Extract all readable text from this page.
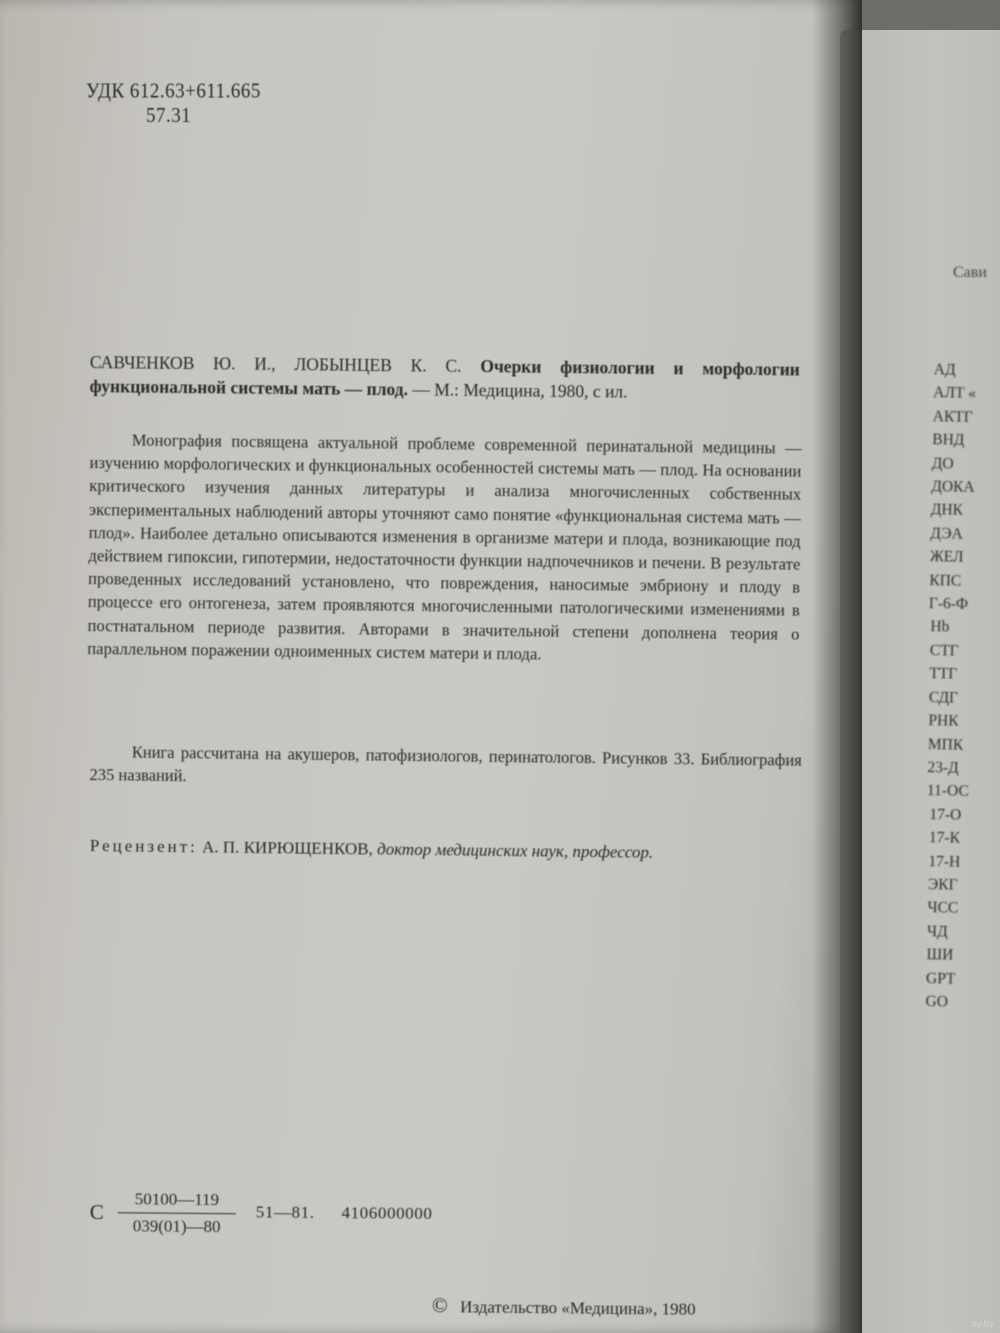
УДК 612.63+611.665
57.31
САВЧЕНКОВ Ю. И., ЛОБЫНЦЕВ К. С. Очерки физиологии и морфологии функциональной системы мать — плод. — М.: Медицина, 1980, с ил.
Монография посвящена актуальной проблеме современной перинатальной медицины — изучению морфологических и функциональных особенностей системы мать — плод. На основании критического изучения данных литературы и анализа многочисленных собственных экспериментальных наблюдений авторы уточняют само понятие «функциональная система мать — плод». Наиболее детально описываются изменения в организме матери и плода, возникающие под действием гипоксии, гипотермии, недостаточности функции надпочечников и печени. В результате проведенных исследований установлено, что повреждения, наносимые эмбриону и плоду в процессе его онтогенеза, затем проявляются многочисленными патологическими изменениями в постнатальном периоде развития. Авторами в значительной степени дополнена теория о параллельном поражении одноименных систем матери и плода.
Книга рассчитана на акушеров, патофизиологов, перинатологов. Рисунков 33. Библиография 235 названий.
Рецензент: А. П. КИРЮЩЕНКОВ, доктор медицинских наук, профессор.
С
50100—119
039(01)—80
51—81. 4106000000
© Издательство «Медицина», 1980
Сави
АД
АЛТ «
АКТГ
ВНД
ДО
ДОКА
ДНК
ДЭА
ЖЕЛ
КПС
Г-6-Ф
Нb
СТГ
ТТГ
СДГ
РНК
МПК
23-Д
11-ОС
17-О
17-К
17-Н
ЭКГ
ЧСС
ЧД
ШИ
GPT
GO
ay.by
